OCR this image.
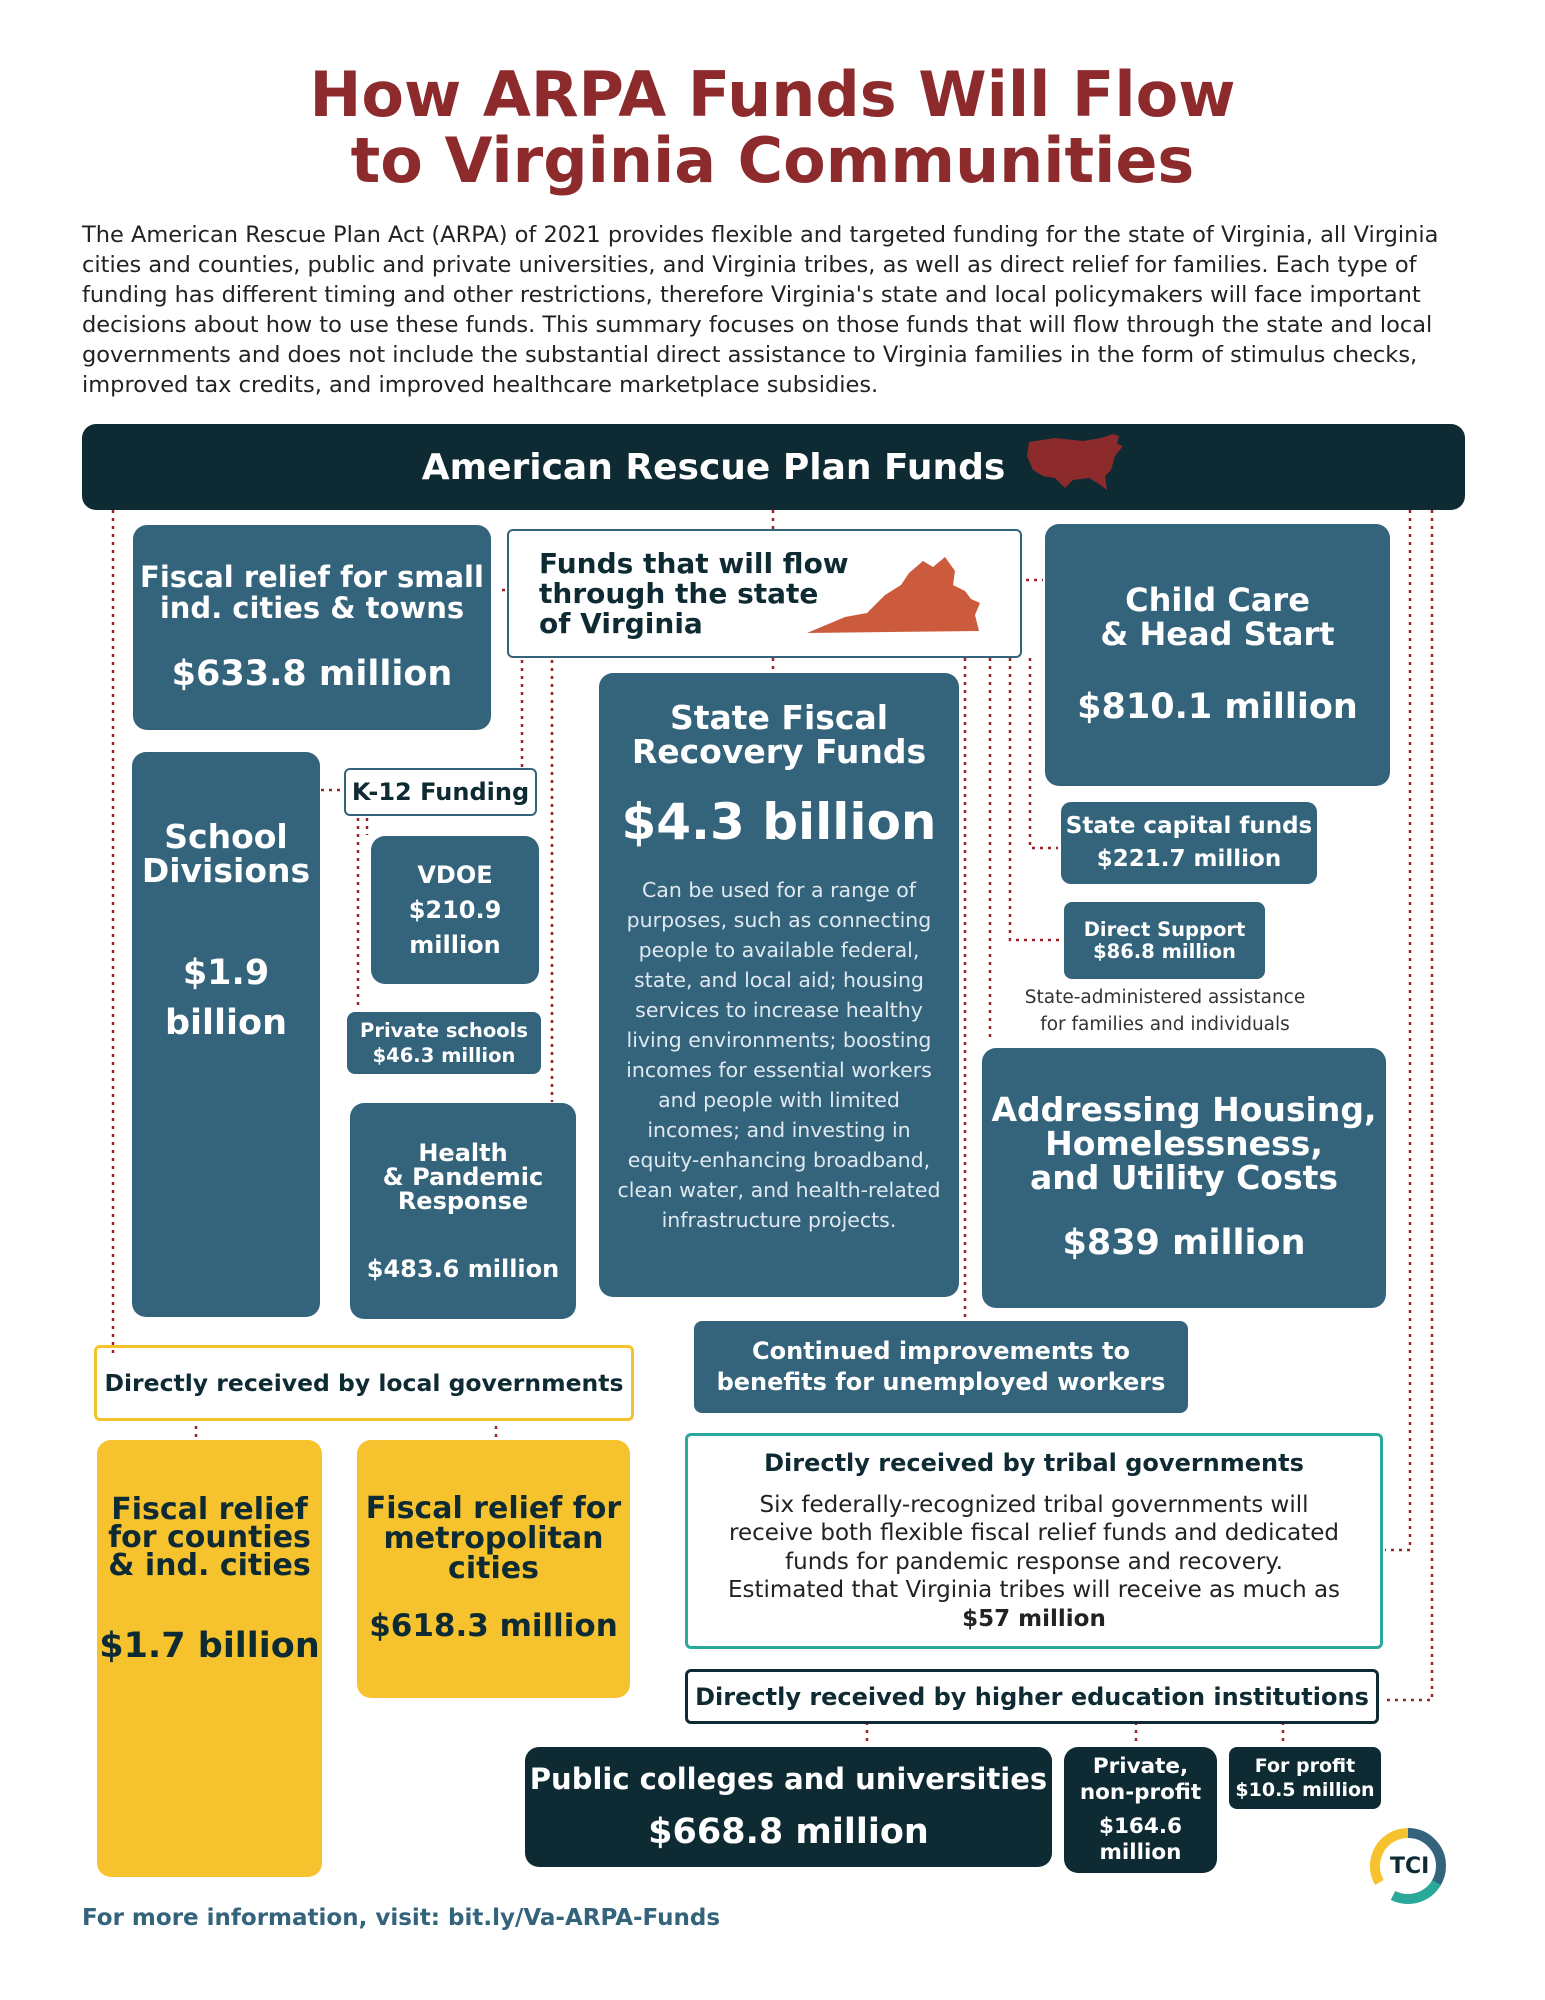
How ARPA Funds Will Flow
to Virginia Communities
The American Rescue Plan Act (ARPA) of 2021 provides flexible and targeted funding for the state of Virginia, all Virginia cities and counties, public and private universities, and Virginia tribes, as well as direct relief for families. Each type of funding has different timing and other restrictions, therefore Virginia's state and local policymakers will face important decisions about how to use these funds. This summary focuses on those funds that will flow through the state and local governments and does not include the substantial direct assistance to Virginia families in the form of stimulus checks, improved tax credits, and improved healthcare marketplace subsidies.
American Rescue Plan Funds
Funds that will flow
through the state
of Virginia
Fiscal relief for small
ind. cities & towns
$633.8 million
Child Care
& Head Start
$810.1 million
School
Divisions
$1.9
billion
K-12 Funding
VDOE
$210.9
million
Private schools
$46.3 million
Health
& Pandemic
Response
$483.6 million
State Fiscal
Recovery Funds
$4.3 billion
Can be used for a range of
purposes, such as connecting
people to available federal,
state, and local aid; housing
services to increase healthy
living environments; boosting
incomes for essential workers
and people with limited
incomes; and investing in
equity-enhancing broadband,
clean water, and health-related
infrastructure projects.
State capital funds
$221.7 million
Direct Support
$86.8 million
State-administered assistance
for families and individuals
Addressing Housing,
Homelessness,
and Utility Costs
$839 million
Continued improvements to
benefits for unemployed workers
Directly received by local governments
Fiscal relief
for counties
& ind. cities
$1.7 billion
Fiscal relief for
metropolitan
cities
$618.3 million
Directly received by tribal governments
Six federally-recognized tribal governments will
receive both flexible fiscal relief funds and dedicated
funds for pandemic response and recovery.
Estimated that Virginia tribes will receive as much as
$57 million
Directly received by higher education institutions
Public colleges and universities
$668.8 million
Private,
non-profit
$164.6
million
For profit
$10.5 million
TCI
For more information, visit: bit.ly/Va-ARPA-Funds
